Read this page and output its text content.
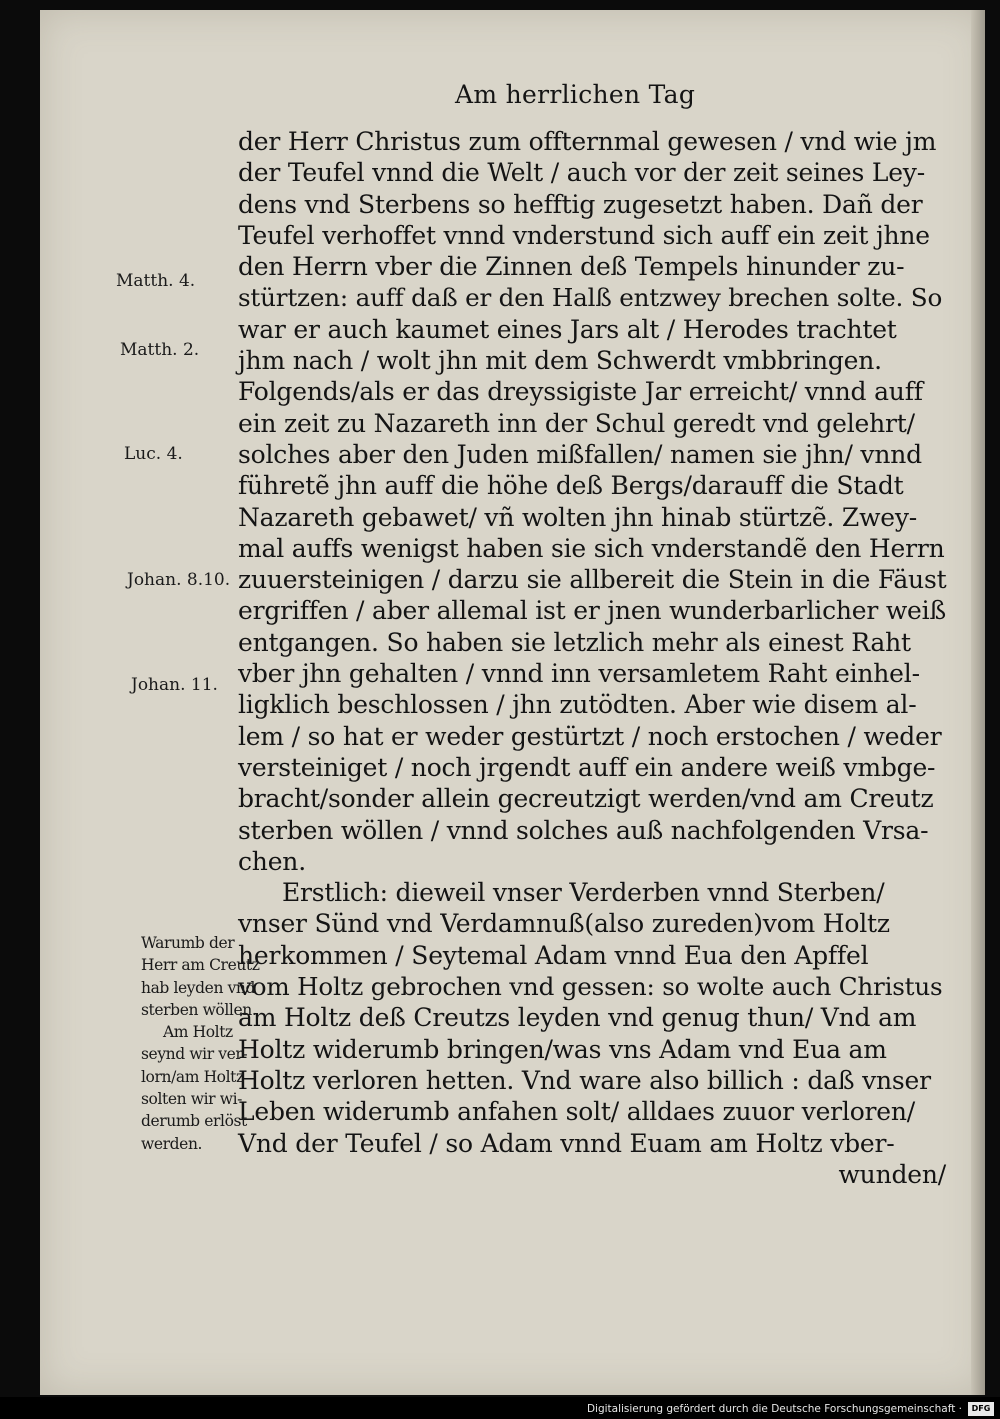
Am herrlichen Tag
der Herr Christus zum offternmal gewesen / vnd wie jm
der Teufel vnnd die Welt / auch vor der zeit seines Ley-
dens vnd Sterbens so hefftig zugesetzt haben. Dañ der
Teufel verhoffet vnnd vnderstund sich auff ein zeit jhne
den Herrn vber die Zinnen deß Tempels hinunder zu-
stürtzen: auff daß er den Halß entzwey brechen solte. So
war er auch kaumet eines Jars alt / Herodes trachtet
jhm nach / wolt jhn mit dem Schwerdt vmbbringen.
Folgends/als er das dreyssigiste Jar erreicht/ vnnd auff
ein zeit zu Nazareth inn der Schul geredt vnd gelehrt/
solches aber den Juden mißfallen/ namen sie jhn/ vnnd
führetẽ jhn auff die höhe deß Bergs/darauff die Stadt
Nazareth gebawet/ vñ wolten jhn hinab stürtzẽ. Zwey-
mal auffs wenigst haben sie sich vnderstandẽ den Herrn
zuuersteinigen / darzu sie allbereit die Stein in die Fäust
ergriffen / aber allemal ist er jnen wunderbarlicher weiß
entgangen. So haben sie letzlich mehr als einest Raht
vber jhn gehalten / vnnd inn versamletem Raht einhel-
ligklich beschlossen / jhn zutödten. Aber wie disem al-
lem / so hat er weder gestürtzt / noch erstochen / weder
versteiniget / noch jrgendt auff ein andere weiß vmbge-
bracht/sonder allein gecreutzigt werden/vnd am Creutz
sterben wöllen / vnnd solches auß nachfolgenden Vrsa-
chen.
Erstlich: dieweil vnser Verderben vnnd Sterben/
vnser Sünd vnd Verdamnuß(also zureden)vom Holtz
herkommen / Seytemal Adam vnnd Eua den Apffel
vom Holtz gebrochen vnd gessen: so wolte auch Christus
am Holtz deß Creutzs leyden vnd genug thun/ Vnd am
Holtz widerumb bringen/was vns Adam vnd Eua am
Holtz verloren hetten. Vnd ware also billich : daß vnser
Leben widerumb anfahen solt/ alldaes zuuor verloren/
Vnd der Teufel / so Adam vnnd Euam am Holtz vber-
wunden/
Matth. 4.
Matth. 2.
Luc. 4.
Johan. 8.10.
Johan. 11.
Warumb der
Herr am Creutz
hab leyden vnd
sterben wöllen.
Am Holtz
seynd wir ver-
lorn/am Holtz
solten wir wi-
derumb erlöst
werden.
Digitalisierung gefördert durch die Deutsche Forschungsgemeinschaft ·	DFG
